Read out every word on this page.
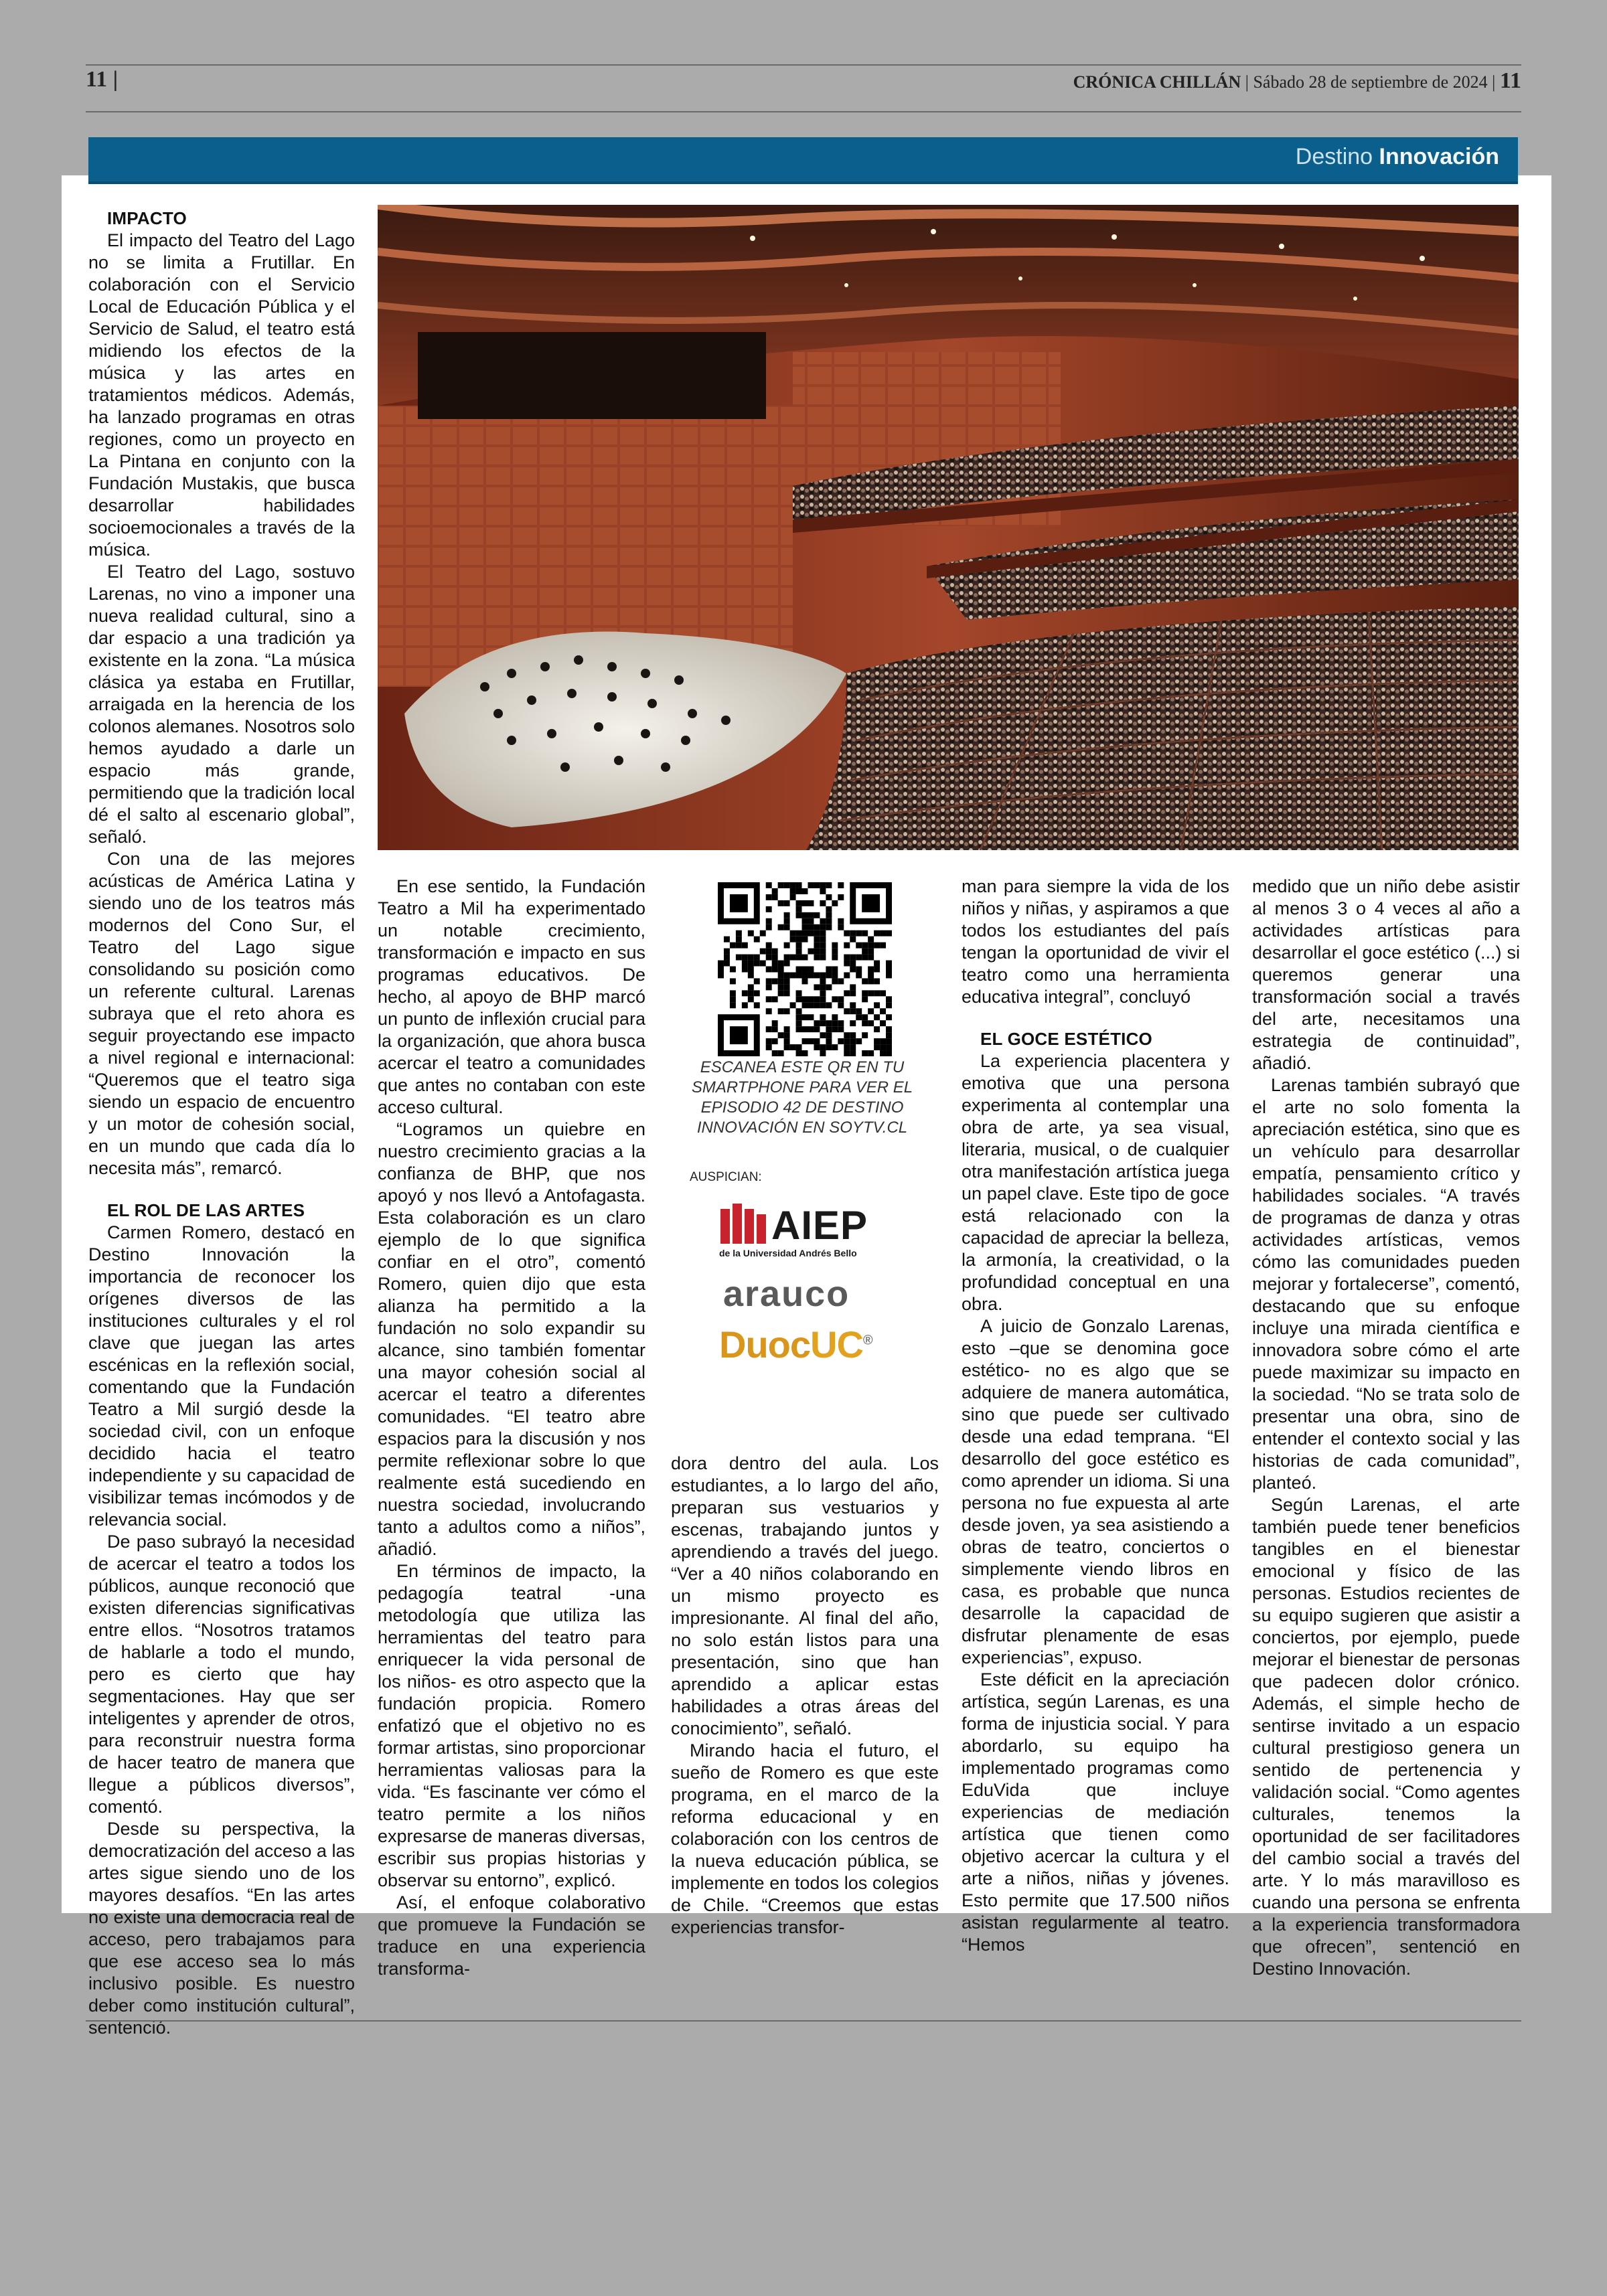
11 |	CRÓNICA CHILLÁN | Sábado 28 de septiembre de 2024 | 11
Destino Innovación
IMPACTO

El impacto del Teatro del Lago no se limita a Frutillar. En colaboración con el Servicio Local de Educación Pública y el Servicio de Salud, el teatro está midiendo los efectos de la música y las artes en tratamientos médicos. Además, ha lanzado programas en otras regiones, como un proyecto en La Pintana en conjunto con la Fundación Mustakis, que busca desarrollar habilidades socioemocionales a través de la música.

El Teatro del Lago, sostuvo Larenas, no vino a imponer una nueva realidad cultural, sino a dar espacio a una tradición ya existente en la zona. “La música clásica ya estaba en Frutillar, arraigada en la herencia de los colonos alemanes. Nosotros solo hemos ayudado a darle un espacio más grande, permitiendo que la tradición local dé el salto al escenario global”, señaló.

Con una de las mejores acústicas de América Latina y siendo uno de los teatros más modernos del Cono Sur, el Teatro del Lago sigue consolidando su posición como un referente cultural. Larenas subraya que el reto ahora es seguir proyectando ese impacto a nivel regional e internacional: “Queremos que el teatro siga siendo un espacio de encuentro y un motor de cohesión social, en un mundo que cada día lo necesita más”, remarcó.

EL ROL DE LAS ARTES

Carmen Romero, destacó en Destino Innovación la importancia de reconocer los orígenes diversos de las instituciones culturales y el rol clave que juegan las artes escénicas en la reflexión social, comentando que la Fundación Teatro a Mil surgió desde la sociedad civil, con un enfoque decidido hacia el teatro independiente y su capacidad de visibilizar temas incómodos y de relevancia social.

De paso subrayó la necesidad de acercar el teatro a todos los públicos, aunque reconoció que existen diferencias significativas entre ellos. “Nosotros tratamos de hablarle a todo el mundo, pero es cierto que hay segmentaciones. Hay que ser inteligentes y aprender de otros, para reconstruir nuestra forma de hacer teatro de manera que llegue a públicos diversos”, comentó.

Desde su perspectiva, la democratización del acceso a las artes sigue siendo uno de los mayores desafíos. “En las artes no existe una democracia real de acceso, pero trabajamos para que ese acceso sea lo más inclusivo posible. Es nuestro deber como institución cultural”, sentenció.

En ese sentido, la Fundación Teatro a Mil ha experimentado un notable crecimiento, transformación e impacto en sus programas educativos. De hecho, al apoyo de BHP marcó un punto de inflexión crucial para la organización, que ahora busca acercar el teatro a comunidades que antes no contaban con este acceso cultural.

“Logramos un quiebre en nuestro crecimiento gracias a la confianza de BHP, que nos apoyó y nos llevó a Antofagasta. Esta colaboración es un claro ejemplo de lo que significa confiar en el otro”, comentó Romero, quien dijo que esta alianza ha permitido a la fundación no solo expandir su alcance, sino también fomentar una mayor cohesión social al acercar el teatro a diferentes comunidades. “El teatro abre espacios para la discusión y nos permite reflexionar sobre lo que realmente está sucediendo en nuestra sociedad, involucrando tanto a adultos como a niños”, añadió.

En términos de impacto, la pedagogía teatral -una metodología que utiliza las herramientas del teatro para enriquecer la vida personal de los niños- es otro aspecto que la fundación propicia. Romero enfatizó que el objetivo no es formar artistas, sino proporcionar herramientas valiosas para la vida. “Es fascinante ver cómo el teatro permite a los niños expresarse de maneras diversas, escribir sus propias historias y observar su entorno”, explicó.

Así, el enfoque colaborativo que promueve la Fundación se traduce en una experiencia transforma-

ESCANEA ESTE QR EN TU SMARTPHONE PARA VER EL EPISODIO 42 DE DESTINO INNOVACIÓN EN SOYTV.CL
AUSPICIAN:
AIEP
de la Universidad Andrés Bello
arauco
DuocUC®

dora dentro del aula. Los estudiantes, a lo largo del año, preparan sus vestuarios y escenas, trabajando juntos y aprendiendo a través del juego. “Ver a 40 niños colaborando en un mismo proyecto es impresionante. Al final del año, no solo están listos para una presentación, sino que han aprendido a aplicar estas habilidades a otras áreas del conocimiento”, señaló.

Mirando hacia el futuro, el sueño de Romero es que este programa, en el marco de la reforma educacional y en colaboración con los centros de la nueva educación pública, se implemente en todos los colegios de Chile. “Creemos que estas experiencias transfor-

man para siempre la vida de los niños y niñas, y aspiramos a que todos los estudiantes del país tengan la oportunidad de vivir el teatro como una herramienta educativa integral”, concluyó

EL GOCE ESTÉTICO

La experiencia placentera y emotiva que una persona experimenta al contemplar una obra de arte, ya sea visual, literaria, musical, o de cualquier otra manifestación artística juega un papel clave. Este tipo de goce está relacionado con la capacidad de apreciar la belleza, la armonía, la creatividad, o la profundidad conceptual en una obra.

A juicio de Gonzalo Larenas, esto –que se denomina goce estético- no es algo que se adquiere de manera automática, sino que puede ser cultivado desde una edad temprana. “El desarrollo del goce estético es como aprender un idioma. Si una persona no fue expuesta al arte desde joven, ya sea asistiendo a obras de teatro, conciertos o simplemente viendo libros en casa, es probable que nunca desarrolle la capacidad de disfrutar plenamente de esas experiencias”, expuso.

Este déficit en la apreciación artística, según Larenas, es una forma de injusticia social. Y para abordarlo, su equipo ha implementado programas como EduVida que incluye experiencias de mediación artística que tienen como objetivo acercar la cultura y el arte a niños, niñas y jóvenes. Esto permite que 17.500 niños asistan regularmente al teatro. “Hemos

medido que un niño debe asistir al menos 3 o 4 veces al año a actividades artísticas para desarrollar el goce estético (...) si queremos generar una transformación social a través del arte, necesitamos una estrategia de continuidad”, añadió.

Larenas también subrayó que el arte no solo fomenta la apreciación estética, sino que es un vehículo para desarrollar empatía, pensamiento crítico y habilidades sociales. “A través de programas de danza y otras actividades artísticas, vemos cómo las comunidades pueden mejorar y fortalecerse”, comentó, destacando que su enfoque incluye una mirada científica e innovadora sobre cómo el arte puede maximizar su impacto en la sociedad. “No se trata solo de presentar una obra, sino de entender el contexto social y las historias de cada comunidad”, planteó.

Según Larenas, el arte también puede tener beneficios tangibles en el bienestar emocional y físico de las personas. Estudios recientes de su equipo sugieren que asistir a conciertos, por ejemplo, puede mejorar el bienestar de personas que padecen dolor crónico. Además, el simple hecho de sentirse invitado a un espacio cultural prestigioso genera un sentido de pertenencia y validación social. “Como agentes culturales, tenemos la oportunidad de ser facilitadores del cambio social a través del arte. Y lo más maravilloso es cuando una persona se enfrenta a la experiencia transformadora que ofrecen”, sentenció en Destino Innovación.
